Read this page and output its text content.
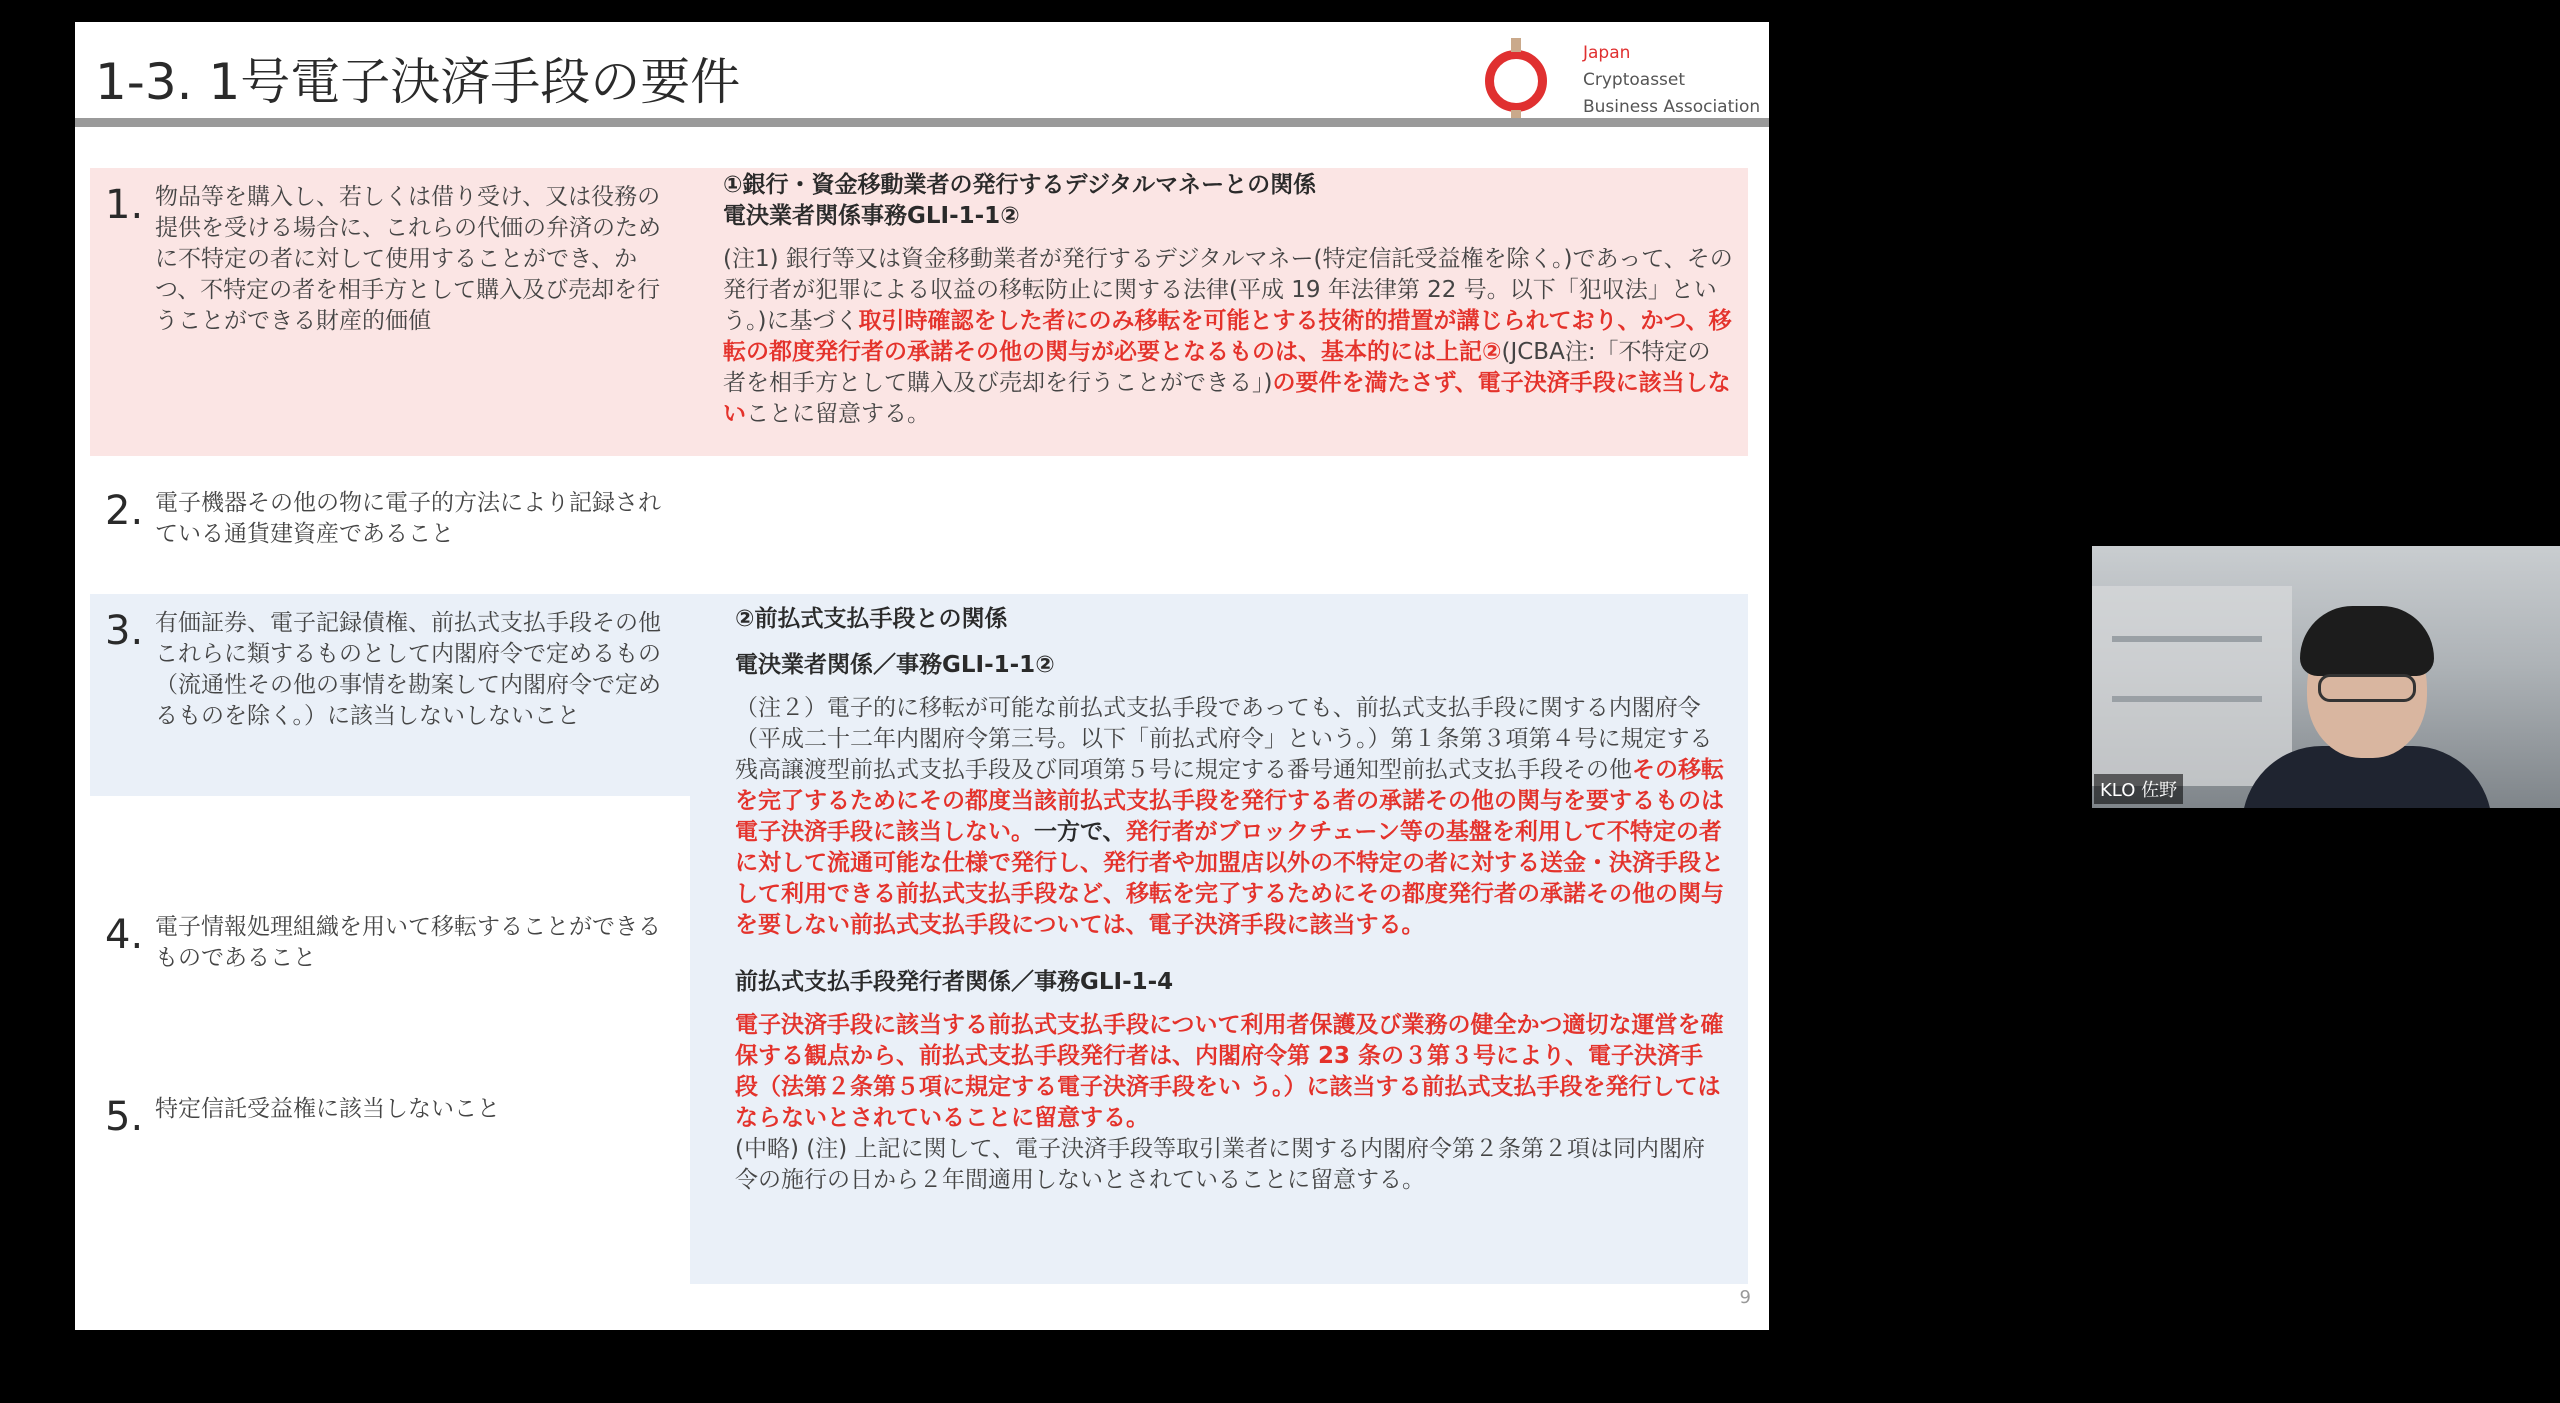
1-3. 1号電子決済手段の要件	Japan
Cryptoasset
Business Association
1. 物品等を購入し、若しくは借り受け、又は役務の提供を受ける場合に、これらの代価の弁済のために不特定の者に対して使用することができ、かつ、不特定の者を相手方として購入及び売却を行うことができる財産的価値
2. 電子機器その他の物に電子的方法により記録されている通貨建資産であること
3. 有価証券、電子記録債権、前払式支払手段その他これらに類するものとして内閣府令で定めるもの（流通性その他の事情を勘案して内閣府令で定めるものを除く。）に該当しないしないこと
4. 電子情報処理組織を用いて移転することができるものであること
5. 特定信託受益権に該当しないこと
①銀行・資金移動業者の発行するデジタルマネーとの関係
電決業者関係事務GLⅠ-1-1②

(注1) 銀行等又は資金移動業者が発行するデジタルマネー(特定信託受益権を除く。)であって、その発行者が犯罪による収益の移転防止に関する法律(平成 19 年法律第 22 号。以下「犯収法」という。)に基づく取引時確認をした者にのみ移転を可能とする技術的措置が講じられており、かつ、移転の都度発行者の承諾その他の関与が必要となるものは、基本的には上記②(JCBA注:「不特定の者を相手方として購入及び売却を行うことができる」)の要件を満たさず、電子決済手段に該当しないことに留意する。

②前払式支払手段との関係
電決業者関係／事務GLⅠ-1-1②

（注２）電子的に移転が可能な前払式支払手段であっても、前払式支払手段に関する内閣府令（平成二十二年内閣府令第三号。以下「前払式府令」という。）第１条第３項第４号に規定する残高譲渡型前払式支払手段及び同項第５号に規定する番号通知型前払式支払手段その他その移転を完了するためにその都度当該前払式支払手段を発行する者の承諾その他の関与を要するものは電子決済手段に該当しない。一方で、発行者がブロックチェーン等の基盤を利用して不特定の者に対して流通可能な仕様で発行し、発行者や加盟店以外の不特定の者に対する送金・決済手段として利用できる前払式支払手段など、移転を完了するためにその都度発行者の承諾その他の関与を要しない前払式支払手段については、電子決済手段に該当する。

前払式支払手段発行者関係／事務GLⅠ-1-4

電子決済手段に該当する前払式支払手段について利用者保護及び業務の健全かつ適切な運営を確保する観点から、前払式支払手段発行者は、内閣府令第 23 条の３第３号により、電子決済手段（法第２条第５項に規定する電子決済手段をい う。）に該当する前払式支払手段を発行してはならないとされていることに留意する。

(中略) (注) 上記に関して、電子決済手段等取引業者に関する内閣府令第２条第２項は同内閣府令の施行の日から２年間適用しないとされていることに留意する。

9
KLO 佐野
